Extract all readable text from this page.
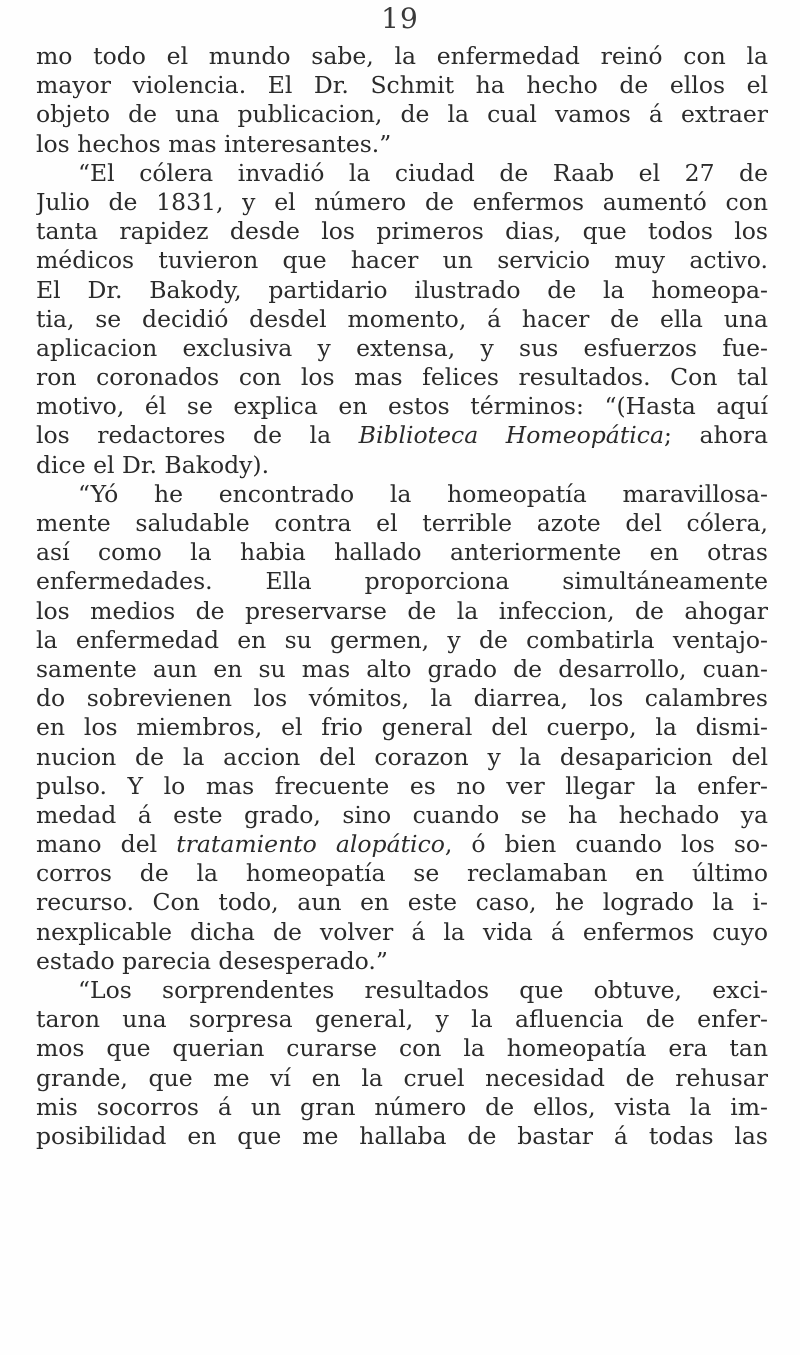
19
mo todo el mundo sabe, la enfermedad reinó con la
mayor violencia. El Dr. Schmit ha hecho de ellos el
objeto de una publicacion, de la cual vamos á extraer
los hechos mas interesantes.”
“El cólera invadió la ciudad de Raab el 27 de
Julio de 1831, y el número de enfermos aumentó con
tanta rapidez desde los primeros dias, que todos los
médicos tuvieron que hacer un servicio muy activo.
El Dr. Bakody, partidario ilustrado de la homeopa-
tia, se decidió desdel momento, á hacer de ella una
aplicacion exclusiva y extensa, y sus esfuerzos fue-
ron coronados con los mas felices resultados. Con tal
motivo, él se explica en estos términos: “(Hasta aquí
los redactores de la Biblioteca Homeopática; ahora
dice el Dr. Bakody).
“Yó he encontrado la homeopatía maravillosa-
mente saludable contra el terrible azote del cólera,
así como la habia hallado anteriormente en otras
enfermedades. Ella proporciona simultáneamente
los medios de preservarse de la infeccion, de ahogar
la enfermedad en su germen, y de combatirla ventajo-
samente aun en su mas alto grado de desarrollo, cuan-
do sobrevienen los vómitos, la diarrea, los calambres
en los miembros, el frio general del cuerpo, la dismi-
nucion de la accion del corazon y la desaparicion del
pulso. Y lo mas frecuente es no ver llegar la enfer-
medad á este grado, sino cuando se ha hechado ya
mano del tratamiento alopático, ó bien cuando los so-
corros de la homeopatía se reclamaban en último
recurso. Con todo, aun en este caso, he logrado la i-
nexplicable dicha de volver á la vida á enfermos cuyo
estado parecia desesperado.”
“Los sorprendentes resultados que obtuve, exci-
taron una sorpresa general, y la afluencia de enfer-
mos que querian curarse con la homeopatía era tan
grande, que me ví en la cruel necesidad de rehusar
mis socorros á un gran número de ellos, vista la im-
posibilidad en que me hallaba de bastar á todas las
